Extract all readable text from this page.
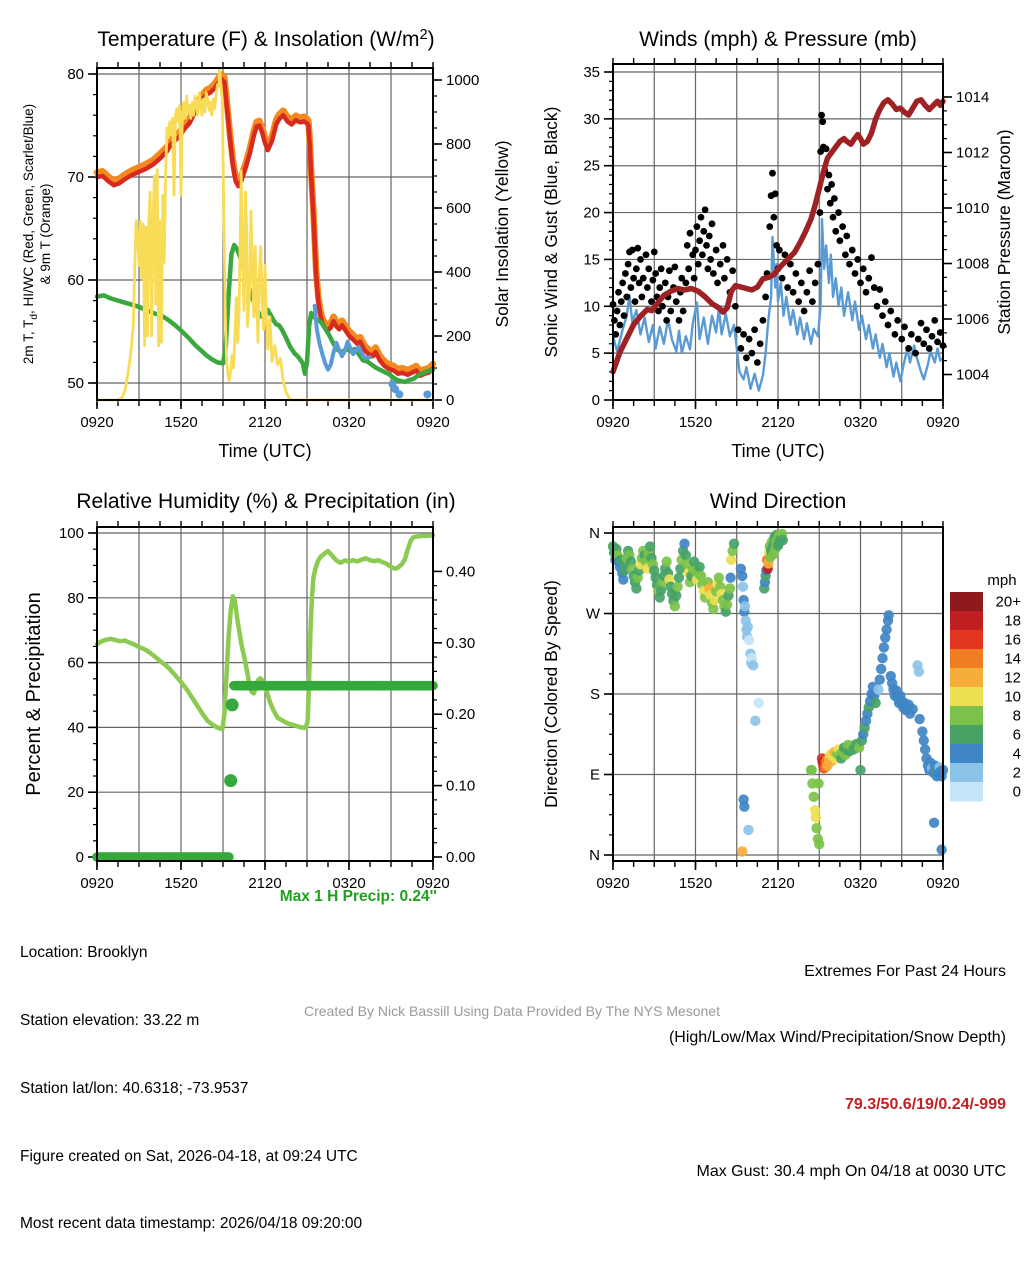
0920	1520	2120	0320	0920
Time (UTC)
50
60
70
80
2m T, $T_d$, HI/WC (Red, Green, Scarlet/Blue) & 9m T (Orange)
0
200
400
600
800
1000
Solar Insolation (Yellow)
Temperature (F) & Insolation $(W/m^2)$
0920	1520	2120	0320	0920
Time (UTC)
0
5
10
15
20
25
30
35
Sonic Wind & Gust (Blue, Black)
1004
1006
1008
1010
1012
1014
Station Pressure (Maroon)
Winds (mph) & Pressure (mb)
0920	1520	2120	0320	0920
0
20
40
60
80
100
Percent & Precipitation
0.00
0.10
0.20
0.30
0.40
Relative Humidity (%) & Precipitation (in)
0920	1520	2120	0320	0920
N
W
S
E
N
Direction (Colored By Speed)
Wind Direction
mph
20+
18
16
14
12
10
8
6
4
2
0

Location: Brooklyn

Station elevation: 33.22 m

Station lat/lon: 40.6318; -73.9537

Figure created on Sat, 2026-04-18, at 09:24 UTC

Most recent data timestamp: 2026/04/18 09:20:00

Max 1 H Precip: 0.24''

Extremes For Past 24 Hours

(High/Low/Max Wind/Precipitation/Snow Depth)

79.3/50.6/19/0.24/-999

Max Gust: 30.4 mph On 04/18 at 0030 UTC

Created By Nick Bassill Using Data Provided By The NYS Mesonet
